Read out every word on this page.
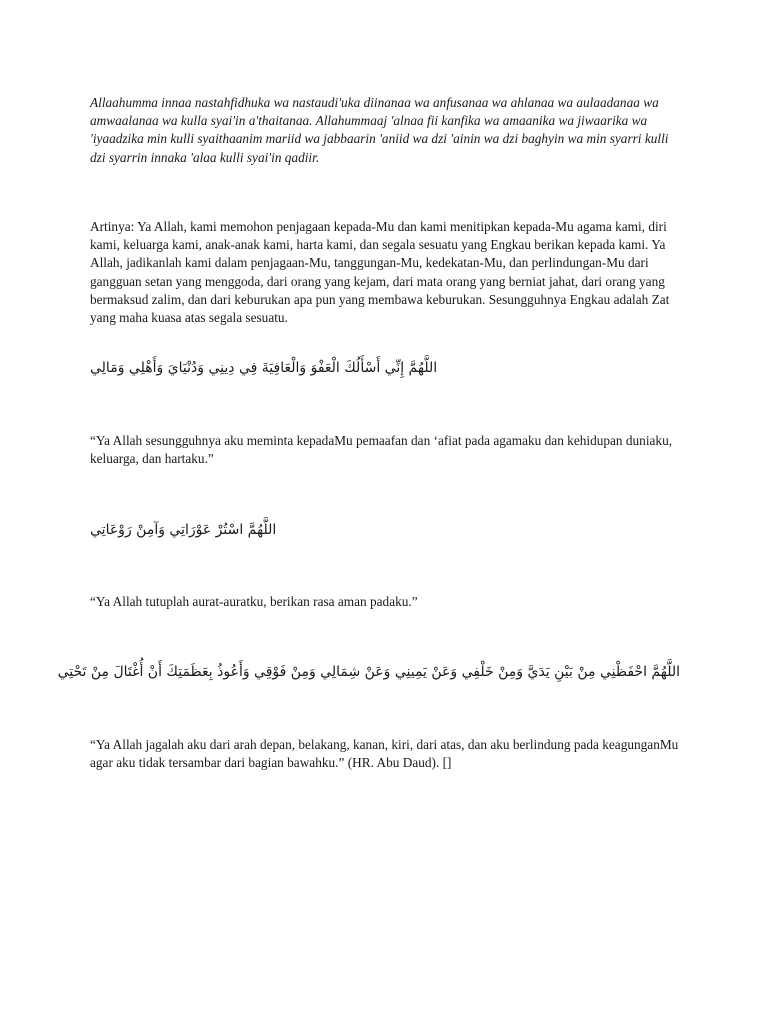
Allaahumma innaa nastahfidhuka wa nastaudi'uka diinanaa wa anfusanaa wa ahlanaa wa aulaadanaa wa amwaalanaa wa kulla syai'in a'thaitanaa. Allahummaaj 'alnaa fii kanfika wa amaanika wa jiwaarika wa 'iyaadzika min kulli syaithaanim mariid wa jabbaarin 'aniid wa dzi 'ainin wa dzi baghyin wa min syarri kulli dzi syarrin innaka 'alaa kulli syai'in qadiir.

Artinya: Ya Allah, kami memohon penjagaan kepada-Mu dan kami menitipkan kepada-Mu agama kami, diri kami, keluarga kami, anak-anak kami, harta kami, dan segala sesuatu yang Engkau berikan kepada kami. Ya Allah, jadikanlah kami dalam penjagaan-Mu, tanggungan-Mu, kedekatan-Mu, dan perlindungan-Mu dari gangguan setan yang menggoda, dari orang yang kejam, dari mata orang yang berniat jahat, dari orang yang bermaksud zalim, dan dari keburukan apa pun yang membawa keburukan. Sesungguhnya Engkau adalah Zat yang maha kuasa atas segala sesuatu.

اللَّهُمَّ إِنِّي أَسْأَلُكَ الْعَفْوَ وَالْعَافِيَةَ فِي دِينِي وَدُنْيَايَ وَأَهْلِي وَمَالِي

“Ya Allah sesungguhnya aku meminta kepadaMu pemaafan dan ‘afiat pada agamaku dan kehidupan duniaku, keluarga, dan hartaku.”

اللَّهُمَّ اسْتُرْ عَوْرَاتِي وَآمِنْ رَوْعَاتِي

“Ya Allah tutuplah aurat-auratku, berikan rasa aman padaku.”

اللَّهُمَّ احْفَظْنِي مِنْ بَيْنِ يَدَيَّ وَمِنْ خَلْفِي وَعَنْ يَمِينِي وَعَنْ شِمَالِي وَمِنْ فَوْقِي وَأَعُوذُ بِعَظَمَتِكَ أَنْ أُغْتَالَ مِنْ تَحْتِي

“Ya Allah jagalah aku dari arah depan, belakang, kanan, kiri, dari atas, dan aku berlindung pada keagunganMu agar aku tidak tersambar dari bagian bawahku.” (HR. Abu Daud). []
